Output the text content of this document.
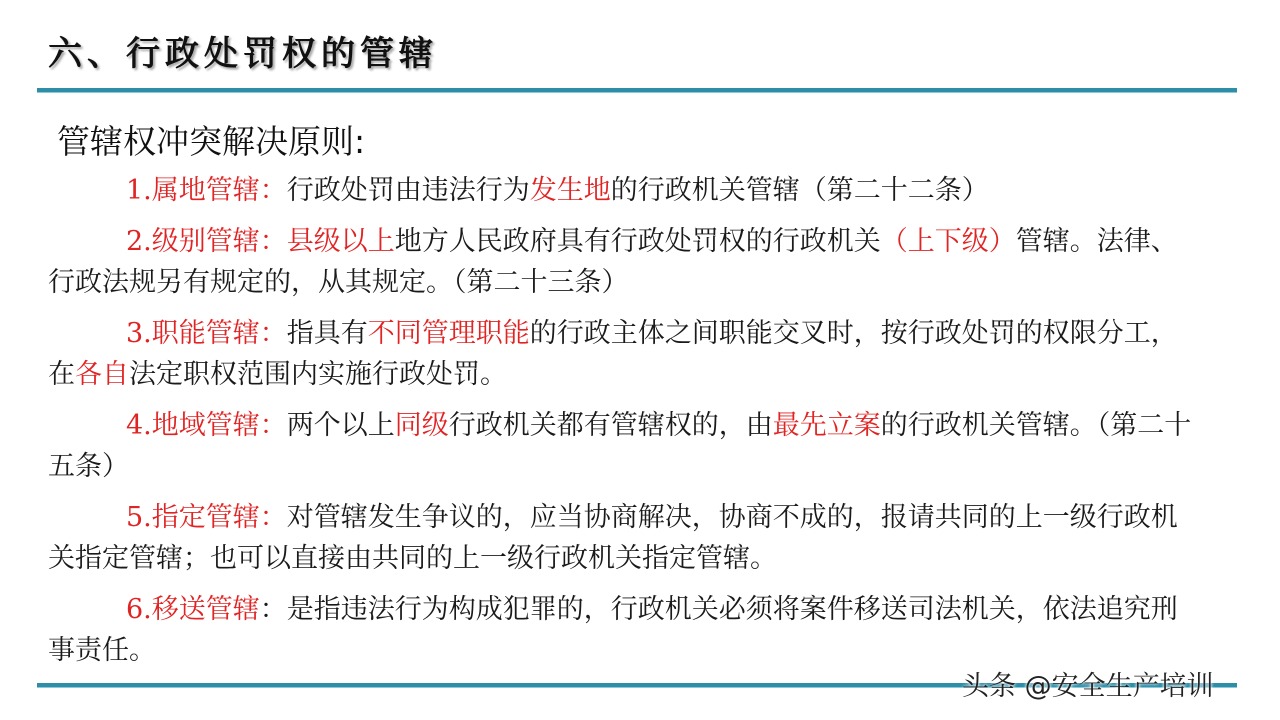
六、行政处罚权的管辖
管辖权冲突解决原则:

1.属地管辖：行政处罚由违法行为发生地的行政机关管辖（第二十二条）

2.级别管辖：县级以上地方人民政府具有行政处罚权的行政机关（上下级）管辖。法律、行政法规另有规定的，从其规定。（第二十三条）

3.职能管辖：指具有不同管理职能的行政主体之间职能交叉时，按行政处罚的权限分工，在各自法定职权范围内实施行政处罚。

4.地域管辖：两个以上同级行政机关都有管辖权的，由最先立案的行政机关管辖。（第二十五条）

5.指定管辖：对管辖发生争议的，应当协商解决，协商不成的，报请共同的上一级行政机关指定管辖；也可以直接由共同的上一级行政机关指定管辖。

6.移送管辖：是指违法行为构成犯罪的，行政机关必须将案件移送司法机关，依法追究刑事责任。

头条 @安全生产培训
